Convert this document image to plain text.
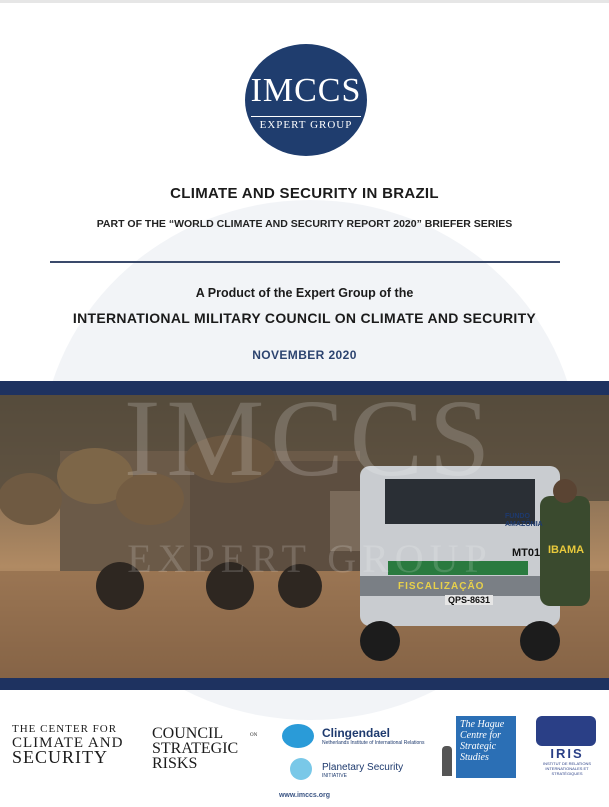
IMCCS
EXPERT GROUP
CLIMATE AND SECURITY IN BRAZIL
PART OF THE “WORLD CLIMATE AND SECURITY REPORT 2020” BRIEFER SERIES
A Product of the Expert Group of the
INTERNATIONAL MILITARY COUNCIL ON CLIMATE AND SECURITY
NOVEMBER 2020
FISCALIZAÇÃO
QPS-8631
MT01 IBAMA
FUNDO AMAZÔNIA
THE CENTER FOR
CLIMATE AND
SECURITY
COUNCIL
STRATEGIC
RISKS
ON	Clingendael
Netherlands Institute of International Relations
Planetary Security
INITIATIVE
The Hague
Centre for
Strategic
Studies	IRIS
INSTITUT DE RELATIONS INTERNATIONALES ET STRATÉGIQUES
www.imccs.org
